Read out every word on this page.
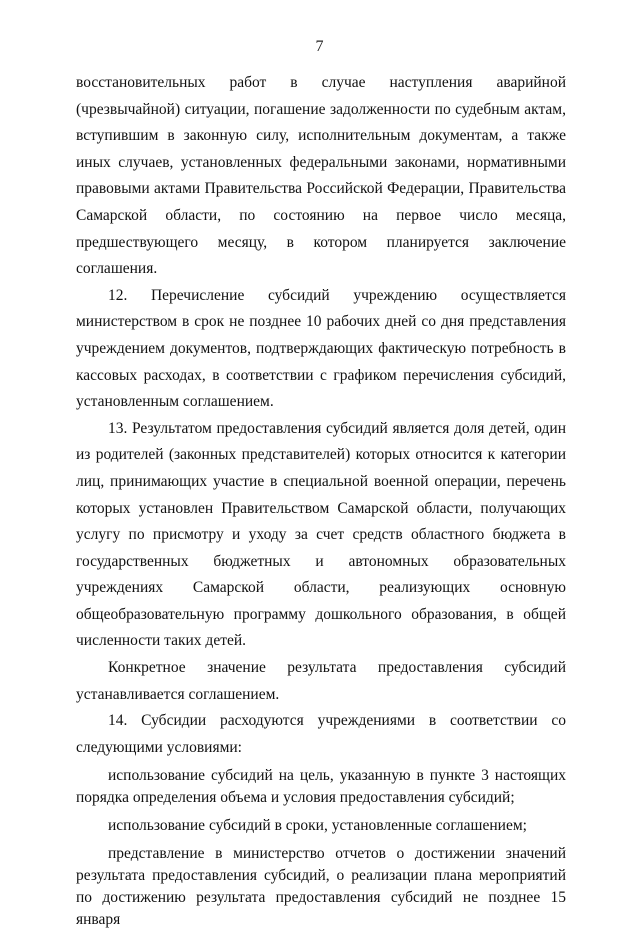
7

восстановительных работ в случае наступления аварийной (чрезвычайной) ситуации, погашение задолженности по судебным актам, вступившим в законную силу, исполнительным документам, а также иных случаев, установленных федеральными законами, нормативными правовыми актами Правительства Российской Федерации, Правительства Самарской области, по состоянию на первое число месяца, предшествующего месяцу, в котором планируется заключение соглашения.

12. Перечисление субсидий учреждению осуществляется министерством в срок не позднее 10 рабочих дней со дня представления учреждением документов, подтверждающих фактическую потребность в кассовых расходах, в соответствии с графиком перечисления субсидий, установленным соглашением.

13. Результатом предоставления субсидий является доля детей, один из родителей (законных представителей) которых относится к категории лиц, принимающих участие в специальной военной операции, перечень которых установлен Правительством Самарской области, получающих услугу по присмотру и уходу за счет средств областного бюджета в государственных бюджетных и автономных образовательных учреждениях Самарской области, реализующих основную общеобразовательную программу дошкольного образования, в общей численности таких детей.

Конкретное значение результата предоставления субсидий устанавливается соглашением.

14. Субсидии расходуются учреждениями в соответствии со следующими условиями:

использование субсидий на цель, указанную в пункте 3 настоящих порядка определения объема и условия предоставления субсидий;

использование субсидий в сроки, установленные соглашением;

представление в министерство отчетов о достижении значений результата предоставления субсидий, о реализации плана мероприятий по достижению результата предоставления субсидий не позднее 15 января
